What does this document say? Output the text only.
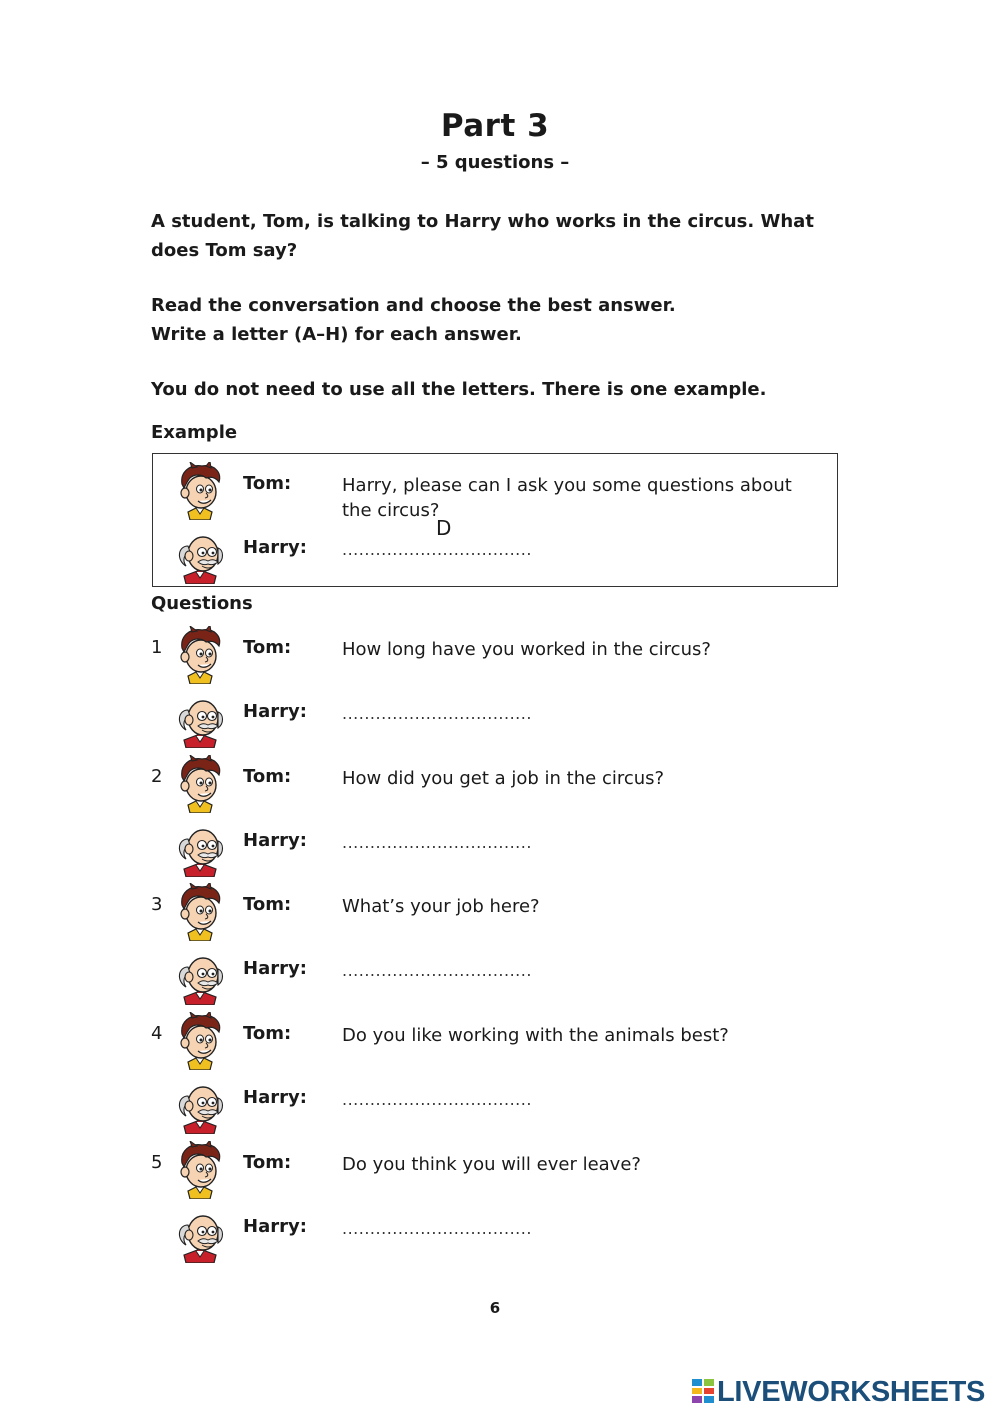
Part 3
– 5 questions –
A student, Tom, is talking to Harry who works in the circus. What does Tom say?
Read the conversation and choose the best answer.
Write a letter (A–H) for each answer.
You do not need to use all the letters. There is one example.
Example
Tom:	Harry, please can I ask you some questions about the circus?
Harry: ..................................
D
Questions
1	Tom:	How long have you worked in the circus?
Harry: ..................................
2	Tom:	How did you get a job in the circus?
Harry: ..................................
3	Tom:	What’s your job here?
Harry: ..................................
4	Tom:	Do you like working with the animals best?
Harry: ..................................
5	Tom:	Do you think you will ever leave?
Harry: ..................................
6
LIVEWORKSHEETS
